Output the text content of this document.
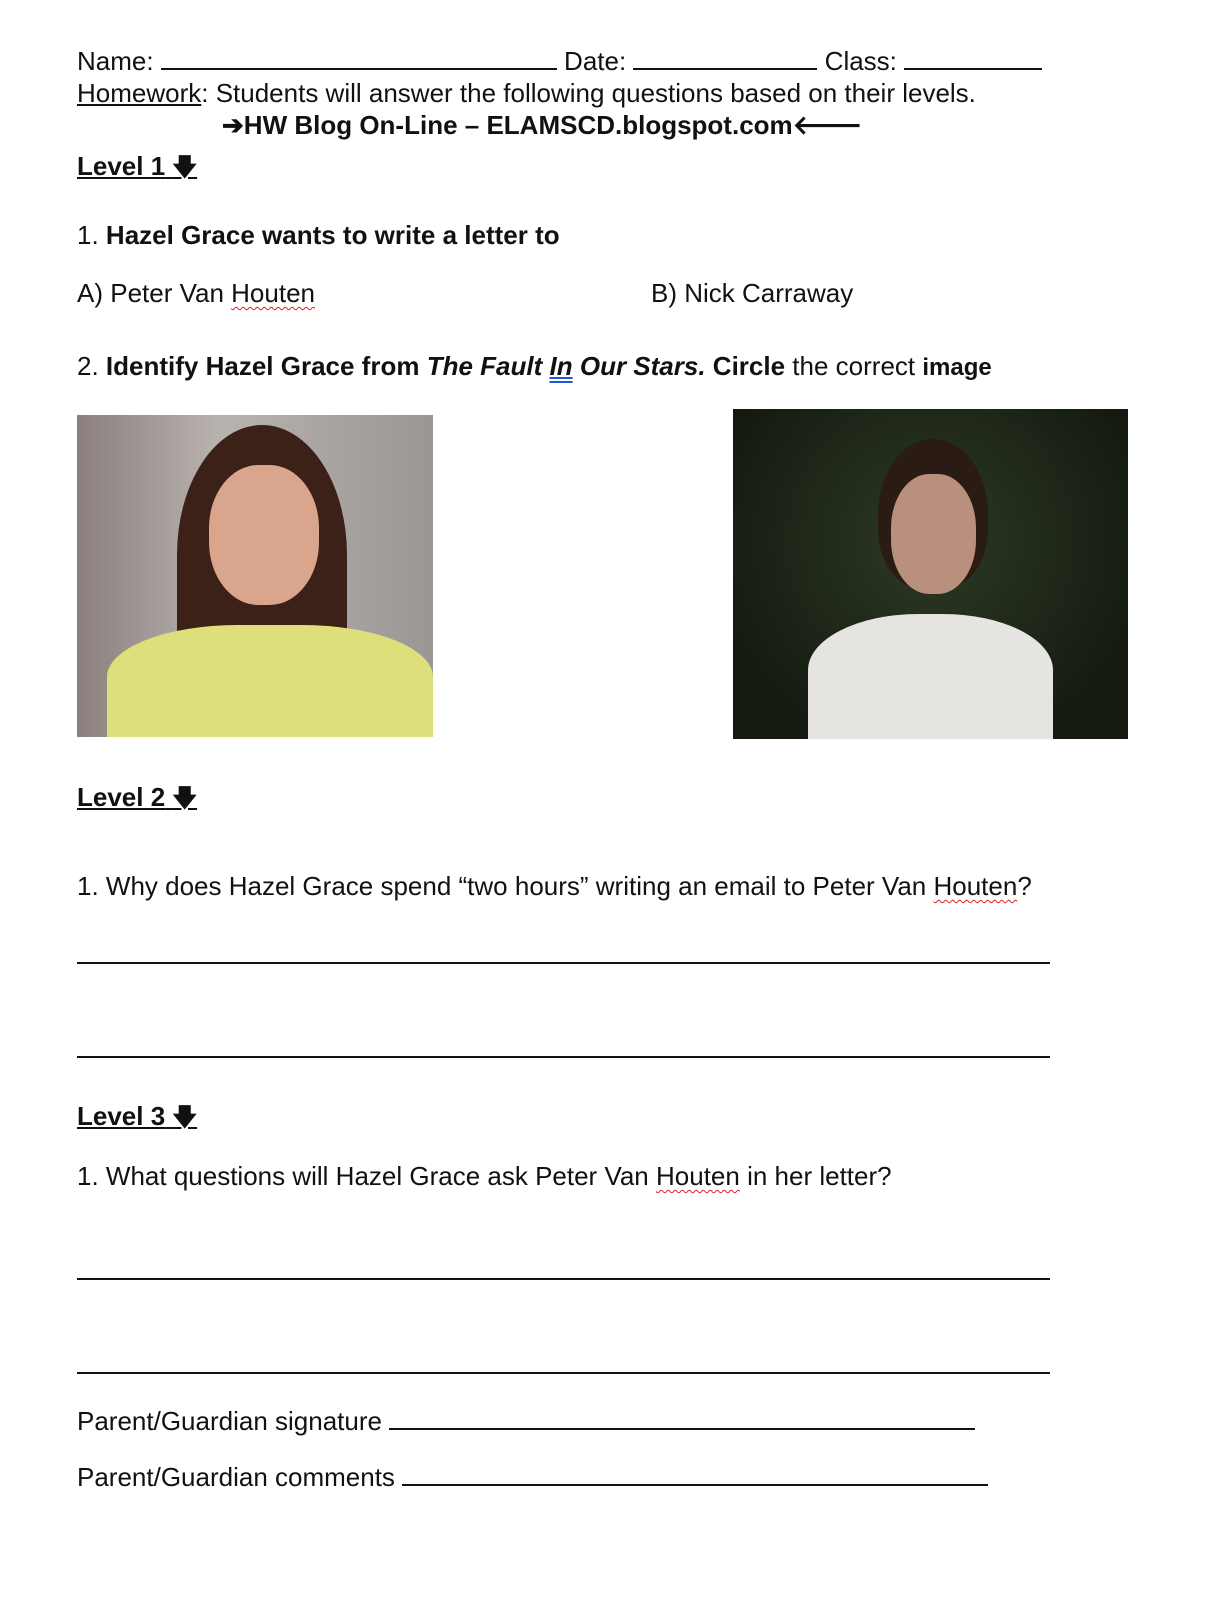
Name:	Date:	Class:
Homework: Students will answer the following questions based on their levels.
➔HW Blog On-Line – ELAMSCD.blogspot.com🡐
Level 1 🡇
1. Hazel Grace wants to write a letter to
A) Peter Van Houten	B) Nick Carraway
2. Identify Hazel Grace from The Fault In Our Stars. Circle the correct image
Level 2 🡇
1. Why does Hazel Grace spend “two hours” writing an email to Peter Van Houten?
Level 3 🡇
1. What questions will Hazel Grace ask Peter Van Houten in her letter?
Parent/Guardian signature
Parent/Guardian comments
